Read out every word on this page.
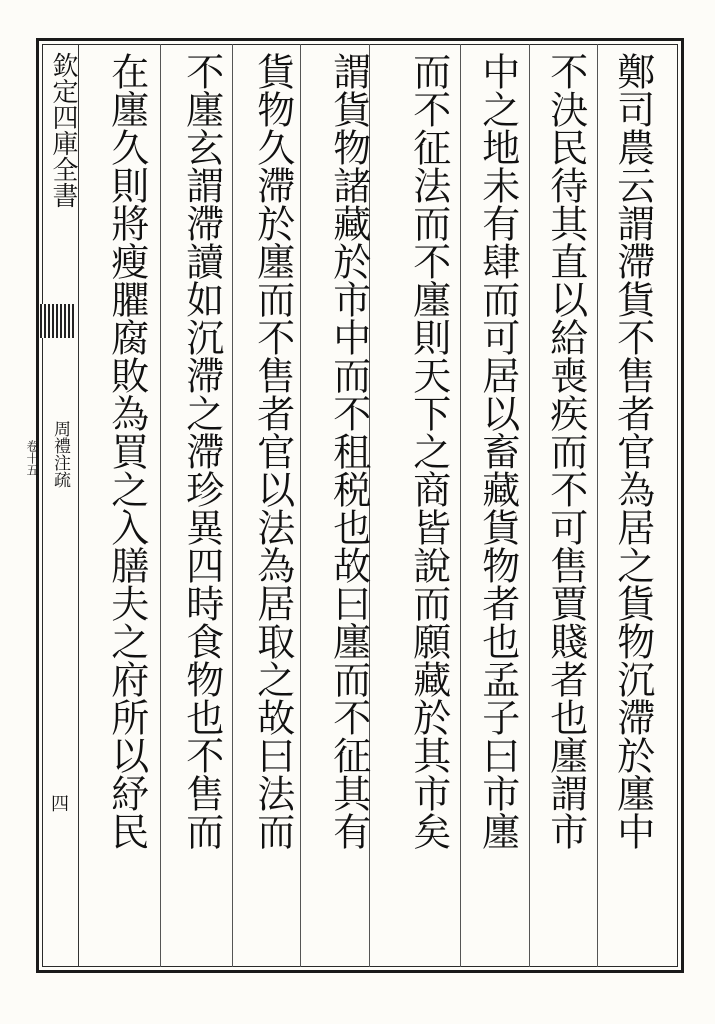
欽定四庫全書
周禮注疏
卷十五
四	鄭司農云謂滯貨不售者官為居之貨物沉滯於廛中
不決民待其直以給喪疾而不可售賈賤者也廛謂市
中之地未有肆而可居以畜藏貨物者也孟子曰市廛
而不征法而不廛則天下之商皆說而願藏於其市矣
謂貨物諸藏於市中而不租税也故曰廛而不征其有
貨物久滯於廛而不售者官以法為居取之故曰法而
不廛玄謂滯讀如沉滯之滯珍異四時食物也不售而
在廛久則將瘦臞腐敗為買之入膳夫之府所以紓民
